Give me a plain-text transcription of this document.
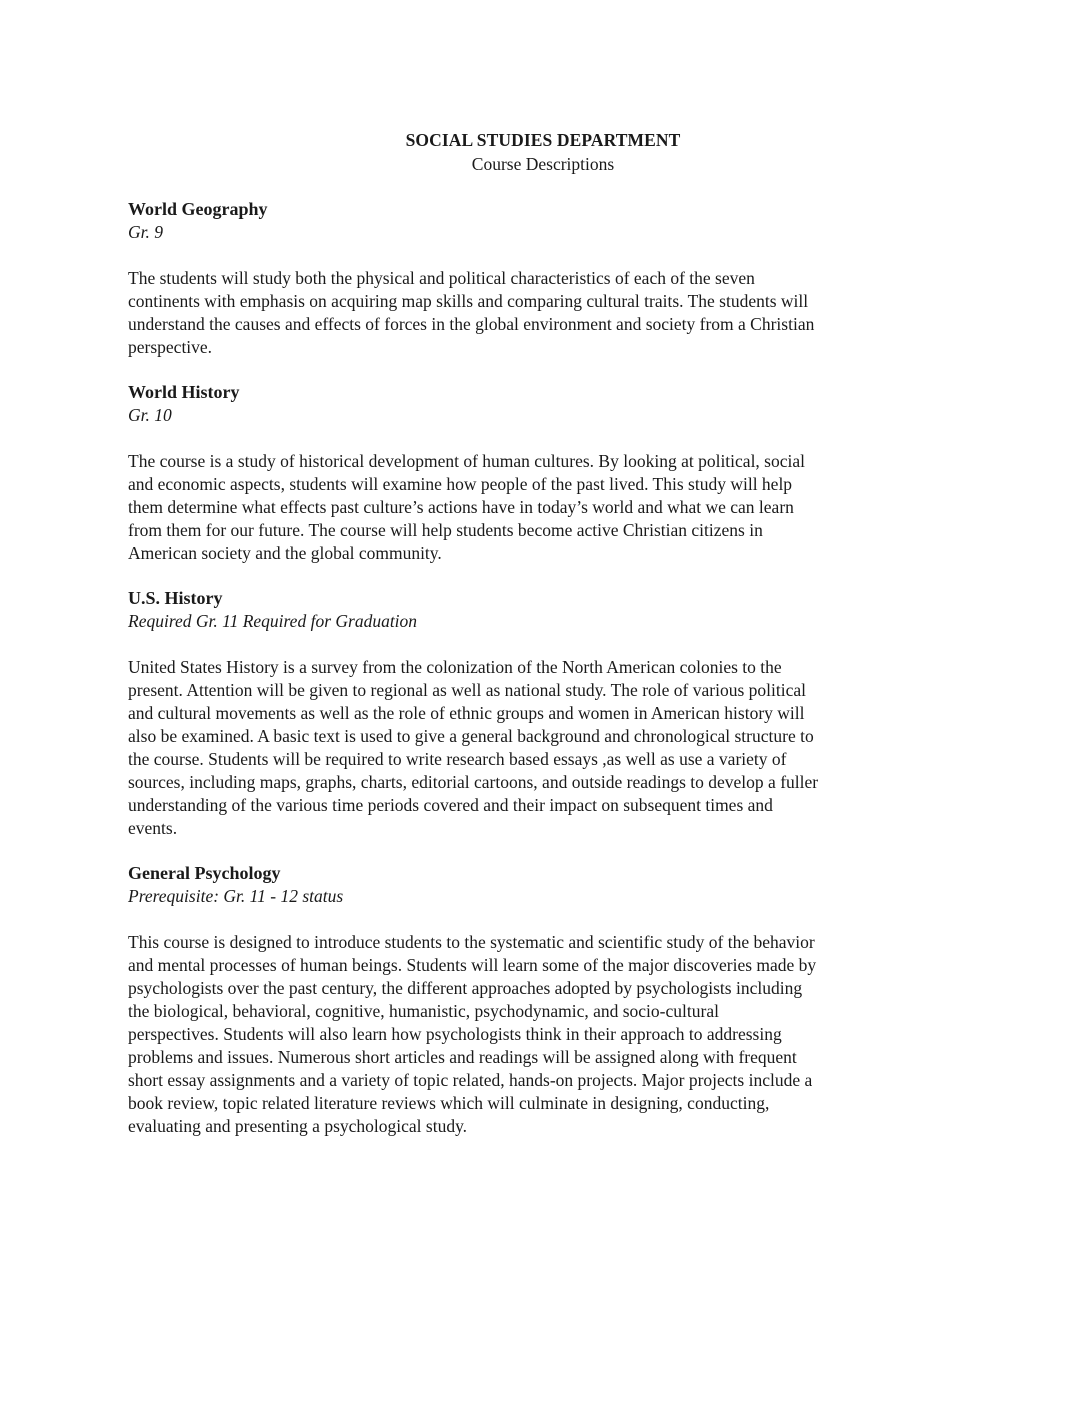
SOCIAL STUDIES DEPARTMENT
Course Descriptions
World Geography
Gr. 9
The students will study both the physical and political characteristics of each of the seven
continents with emphasis on acquiring map skills and comparing cultural traits. The students will
understand the causes and effects of forces in the global environment and society from a Christian
perspective.
World History
Gr. 10
The course is a study of historical development of human cultures. By looking at political, social
and economic aspects, students will examine how people of the past lived. This study will help
them determine what effects past culture’s actions have in today’s world and what we can learn
from them for our future. The course will help students become active Christian citizens in
American society and the global community.
U.S. History
Required Gr. 11 Required for Graduation
United States History is a survey from the colonization of the North American colonies to the
present. Attention will be given to regional as well as national study. The role of various political
and cultural movements as well as the role of ethnic groups and women in American history will
also be examined. A basic text is used to give a general background and chronological structure to
the course. Students will be required to write research based essays ,as well as use a variety of
sources, including maps, graphs, charts, editorial cartoons, and outside readings to develop a fuller
understanding of the various time periods covered and their impact on subsequent times and
events.
General Psychology
Prerequisite: Gr. 11 - 12 status
This course is designed to introduce students to the systematic and scientific study of the behavior
and mental processes of human beings. Students will learn some of the major discoveries made by
psychologists over the past century, the different approaches adopted by psychologists including
the biological, behavioral, cognitive, humanistic, psychodynamic, and socio-cultural
perspectives. Students will also learn how psychologists think in their approach to addressing
problems and issues. Numerous short articles and readings will be assigned along with frequent
short essay assignments and a variety of topic related, hands-on projects. Major projects include a
book review, topic related literature reviews which will culminate in designing, conducting,
evaluating and presenting a psychological study.
